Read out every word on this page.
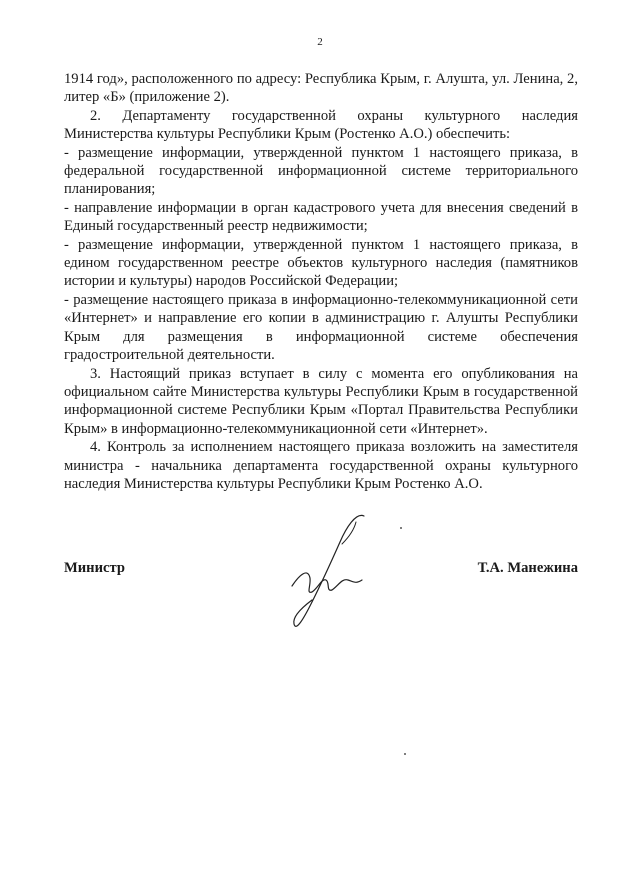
2

1914 год», расположенного по адресу: Республика Крым, г. Алушта, ул. Ленина, 2, литер «Б» (приложение 2).

2. Департаменту государственной охраны культурного наследия Министерства культуры Республики Крым (Ростенко А.О.) обеспечить:

- размещение информации, утвержденной пунктом 1 настоящего приказа, в федеральной государственной информационной системе территориального планирования;

- направление информации в орган кадастрового учета для внесения сведений в Единый государственный реестр недвижимости;

- размещение информации, утвержденной пунктом 1 настоящего приказа, в едином государственном реестре объектов культурного наследия (памятников истории и культуры) народов Российской Федерации;

- размещение настоящего приказа в информационно-телекоммуникационной сети «Интернет» и направление его копии в администрацию г. Алушты Республики Крым для размещения в информационной системе обеспечения градостроительной деятельности.

3. Настоящий приказ вступает в силу с момента его опубликования на официальном сайте Министерства культуры Республики Крым в государственной информационной системе Республики Крым «Портал Правительства Республики Крым» в информационно-телекоммуникационной сети «Интернет».

4. Контроль за исполнением настоящего приказа возложить на заместителя министра - начальника департамента государственной охраны культурного наследия Министерства культуры Республики Крым Ростенко А.О.

Министр	Т.А. Манежина
